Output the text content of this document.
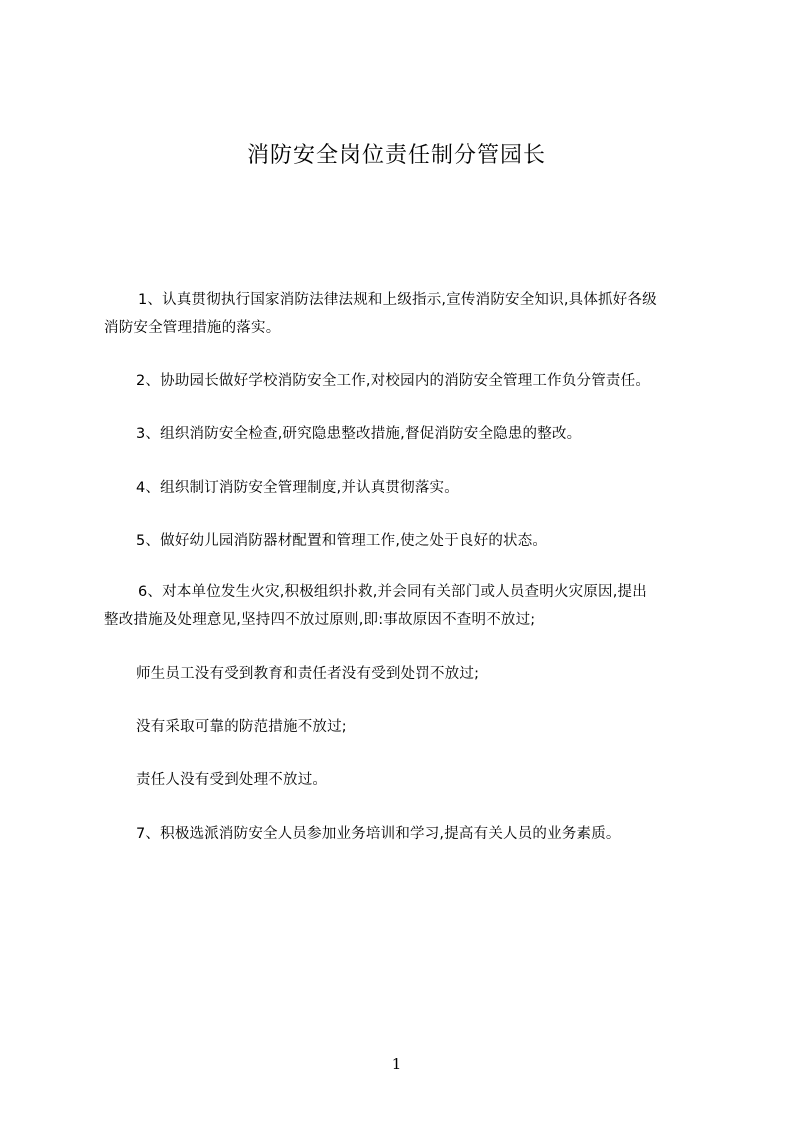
消防安全岗位责任制分管园长
1、认真贯彻执行国家消防法律法规和上级指示,宣传消防安全知识,具体抓好各级
消防安全管理措施的落实。
2、协助园长做好学校消防安全工作,对校园内的消防安全管理工作负分管责任。
3、组织消防安全检查,研究隐患整改措施,督促消防安全隐患的整改。
4、组织制订消防安全管理制度,并认真贯彻落实。
5、做好幼儿园消防器材配置和管理工作,使之处于良好的状态。
6、对本单位发生火灾,积极组织扑救,并会同有关部门或人员查明火灾原因,提出
整改措施及处理意见,坚持四不放过原则,即:事故原因不查明不放过;
师生员工没有受到教育和责任者没有受到处罚不放过;
没有采取可靠的防范措施不放过;
责任人没有受到处理不放过。
7、积极选派消防安全人员参加业务培训和学习,提高有关人员的业务素质。
1
